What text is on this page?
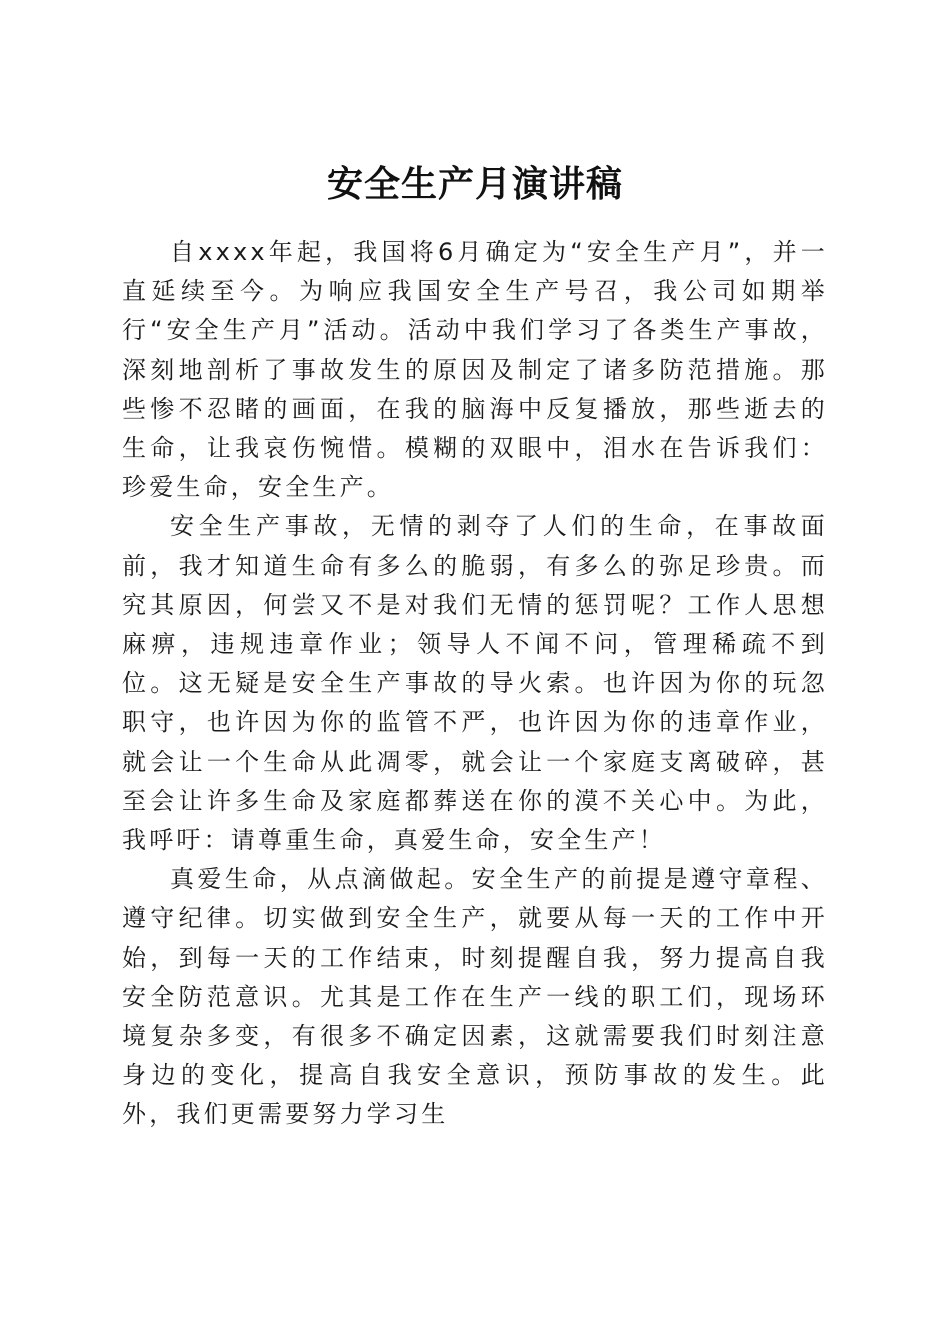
安全生产月演讲稿

自xxxx年起，我国将6月确定为“安全生产月”，并一直延续至今。为响应我国安全生产号召，我公司如期举行“安全生产月”活动。活动中我们学习了各类生产事故，深刻地剖析了事故发生的原因及制定了诸多防范措施。那些惨不忍睹的画面，在我的脑海中反复播放，那些逝去的生命，让我哀伤惋惜。模糊的双眼中，泪水在告诉我们：珍爱生命，安全生产。

安全生产事故，无情的剥夺了人们的生命，在事故面前，我才知道生命有多么的脆弱，有多么的弥足珍贵。而究其原因，何尝又不是对我们无情的惩罚呢？工作人思想麻痹，违规违章作业；领导人不闻不问，管理稀疏不到位。这无疑是安全生产事故的导火索。也许因为你的玩忽职守，也许因为你的监管不严，也许因为你的违章作业，就会让一个生命从此凋零，就会让一个家庭支离破碎，甚至会让许多生命及家庭都葬送在你的漠不关心中。为此，我呼吁：请尊重生命，真爱生命，安全生产！

真爱生命，从点滴做起。安全生产的前提是遵守章程、遵守纪律。切实做到安全生产，就要从每一天的工作中开始，到每一天的工作结束，时刻提醒自我，努力提高自我安全防范意识。尤其是工作在生产一线的职工们，现场环境复杂多变，有很多不确定因素，这就需要我们时刻注意身边的变化，提高自我安全意识，预防事故的发生。此外，我们更需要努力学习生
